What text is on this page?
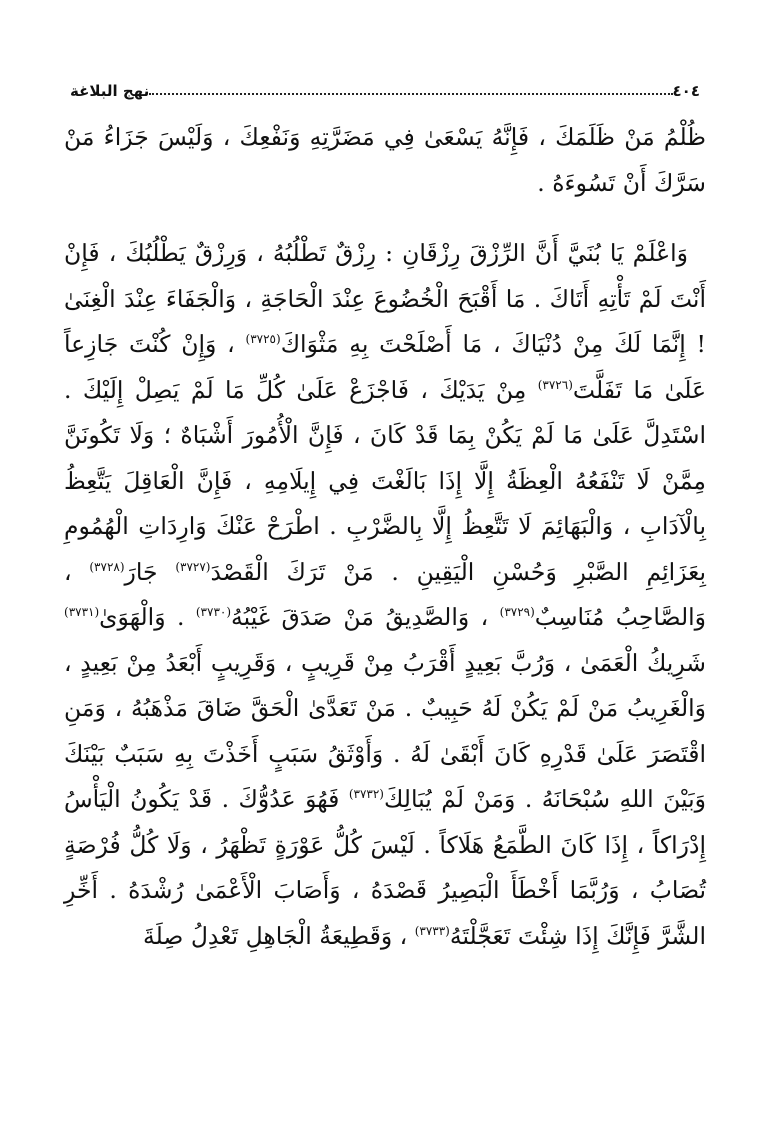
٤٠٤
نهج البلاغة

ظُلْمُ مَنْ ظَلَمَكَ ، فَإِنَّهُ يَسْعَىٰ فِي مَضَرَّتِهِ وَنَفْعِكَ ، وَلَيْسَ جَزَاءُ مَنْ سَرَّكَ أَنْ تَسُوءَهُ .

وَاعْلَمْ يَا بُنَيَّ أَنَّ الرِّزْقَ رِزْقَانِ : رِزْقٌ تَطْلُبُهُ ، وَرِزْقٌ يَطْلُبُكَ ، فَإِنْ أَنْتَ لَمْ تَأْتِهِ أَتَاكَ . مَا أَقْبَحَ الْخُضُوعَ عِنْدَ الْحَاجَةِ ، وَالْجَفَاءَ عِنْدَ الْغِنَىٰ ! إِنَّمَا لَكَ مِنْ دُنْيَاكَ ، مَا أَصْلَحْتَ بِهِ مَثْوَاكَ$^{(٣٧٢٥)}$ ، وَإِنْ كُنْتَ جَازِعاً عَلَىٰ مَا تَفَلَّتَ$^{(٣٧٢٦)}$ مِنْ يَدَيْكَ ، فَاجْزَعْ عَلَىٰ كُلِّ مَا لَمْ يَصِلْ إِلَيْكَ . اسْتَدِلَّ عَلَىٰ مَا لَمْ يَكُنْ بِمَا قَدْ كَانَ ، فَإِنَّ الْأُمُورَ أَشْبَاهٌ ؛ وَلَا تَكُونَنَّ مِمَّنْ لَا تَنْفَعُهُ الْعِظَةُ إِلَّا إِذَا بَالَغْتَ فِي إِيلَامِهِ ، فَإِنَّ الْعَاقِلَ يَتَّعِظُ بِالْآدَابِ ، وَالْبَهَائِمَ لَا تَتَّعِظُ إِلَّا بِالضَّرْبِ . اطْرَحْ عَنْكَ وَارِدَاتِ الْهُمُومِ بِعَزَائِمِ الصَّبْرِ وَحُسْنِ الْيَقِينِ . مَنْ تَرَكَ الْقَصْدَ$^{(٣٧٢٧)}$ جَارَ$^{(٣٧٢٨)}$ ، وَالصَّاحِبُ مُنَاسِبٌ$^{(٣٧٢٩)}$ ، وَالصَّدِيقُ مَنْ صَدَقَ غَيْبُهُ$^{(٣٧٣٠)}$ . وَالْهَوَىٰ$^{(٣٧٣١)}$ شَرِيكُ الْعَمَىٰ ، وَرُبَّ بَعِيدٍ أَقْرَبُ مِنْ قَرِيبٍ ، وَقَرِيبٍ أَبْعَدُ مِنْ بَعِيدٍ ، وَالْغَرِيبُ مَنْ لَمْ يَكُنْ لَهُ حَبِيبٌ . مَنْ تَعَدَّىٰ الْحَقَّ ضَاقَ مَذْهَبُهُ ، وَمَنِ اقْتَصَرَ عَلَىٰ قَدْرِهِ كَانَ أَبْقَىٰ لَهُ . وَأَوْثَقُ سَبَبٍ أَخَذْتَ بِهِ سَبَبٌ بَيْنَكَ وَبَيْنَ اللهِ سُبْحَانَهُ . وَمَنْ لَمْ يُبَالِكَ$^{(٣٧٣٢)}$ فَهُوَ عَدُوُّكَ . قَدْ يَكُونُ الْيَأْسُ إِدْرَاكاً ، إِذَا كَانَ الطَّمَعُ هَلَاكاً . لَيْسَ كُلُّ عَوْرَةٍ تَظْهَرُ ، وَلَا كُلُّ فُرْصَةٍ تُصَابُ ، وَرُبَّمَا أَخْطَأَ الْبَصِيرُ قَصْدَهُ ، وَأَصَابَ الْأَعْمَىٰ رُشْدَهُ . أَخِّرِ الشَّرَّ فَإِنَّكَ إِذَا شِئْتَ تَعَجَّلْتَهُ$^{(٣٧٣٣)}$ ، وَقَطِيعَةُ الْجَاهِلِ تَعْدِلُ صِلَةَ
